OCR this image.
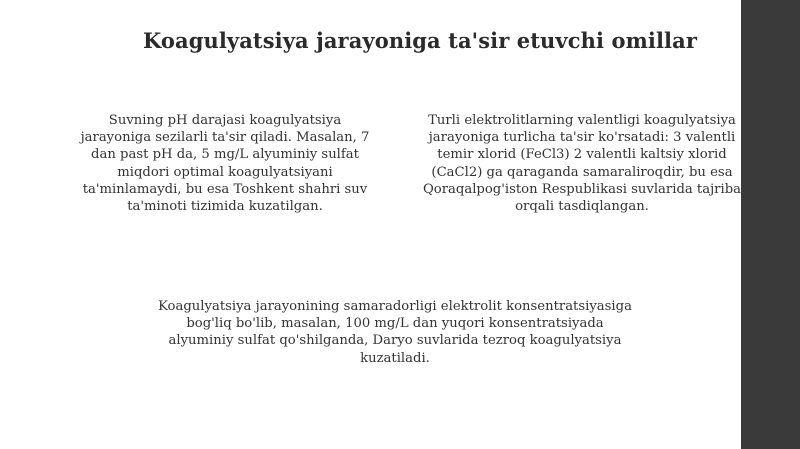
Koagulyatsiya jarayoniga ta'sir etuvchi omillar
Suvning pH darajasi koagulyatsiya
jarayoniga sezilarli ta'sir qiladi. Masalan, 7
dan past pH da, 5 mg/L alyuminiy sulfat
miqdori optimal koagulyatsiyani
ta'minlamaydi, bu esa Toshkent shahri suv
ta'minoti tizimida kuzatilgan.
Turli elektrolitlarning valentligi koagulyatsiya
jarayoniga turlicha ta'sir ko'rsatadi: 3 valentli
temir xlorid (FeCl3) 2 valentli kaltsiy xlorid
(CaCl2) ga qaraganda samaraliroqdir, bu esa
Qoraqalpog'iston Respublikasi suvlarida tajriba
orqali tasdiqlangan.
Koagulyatsiya jarayonining samaradorligi elektrolit konsentratsiyasiga
bog'liq bo'lib, masalan, 100 mg/L dan yuqori konsentratsiyada
alyuminiy sulfat qo'shilganda, Daryo suvlarida tezroq koagulyatsiya
kuzatiladi.
